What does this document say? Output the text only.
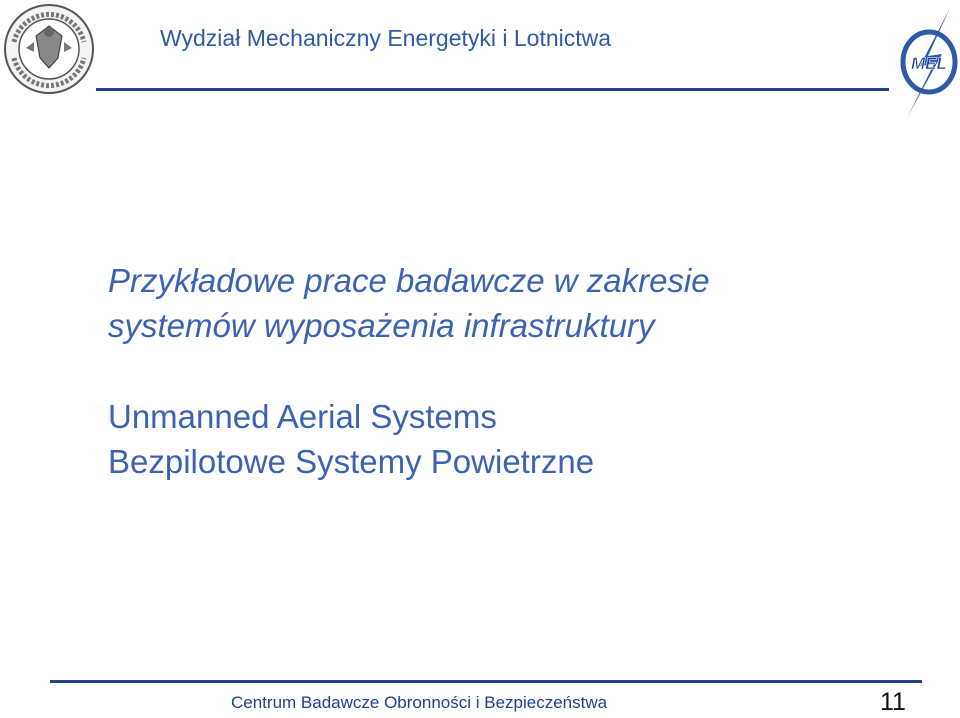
Wydział Mechaniczny Energetyki i Lotnictwa
MEL
Przykładowe prace badawcze w zakresie
systemów wyposażenia infrastruktury
Unmanned Aerial Systems
Bezpilotowe Systemy Powietrzne
Centrum Badawcze Obronności i Bezpieczeństwa	11
